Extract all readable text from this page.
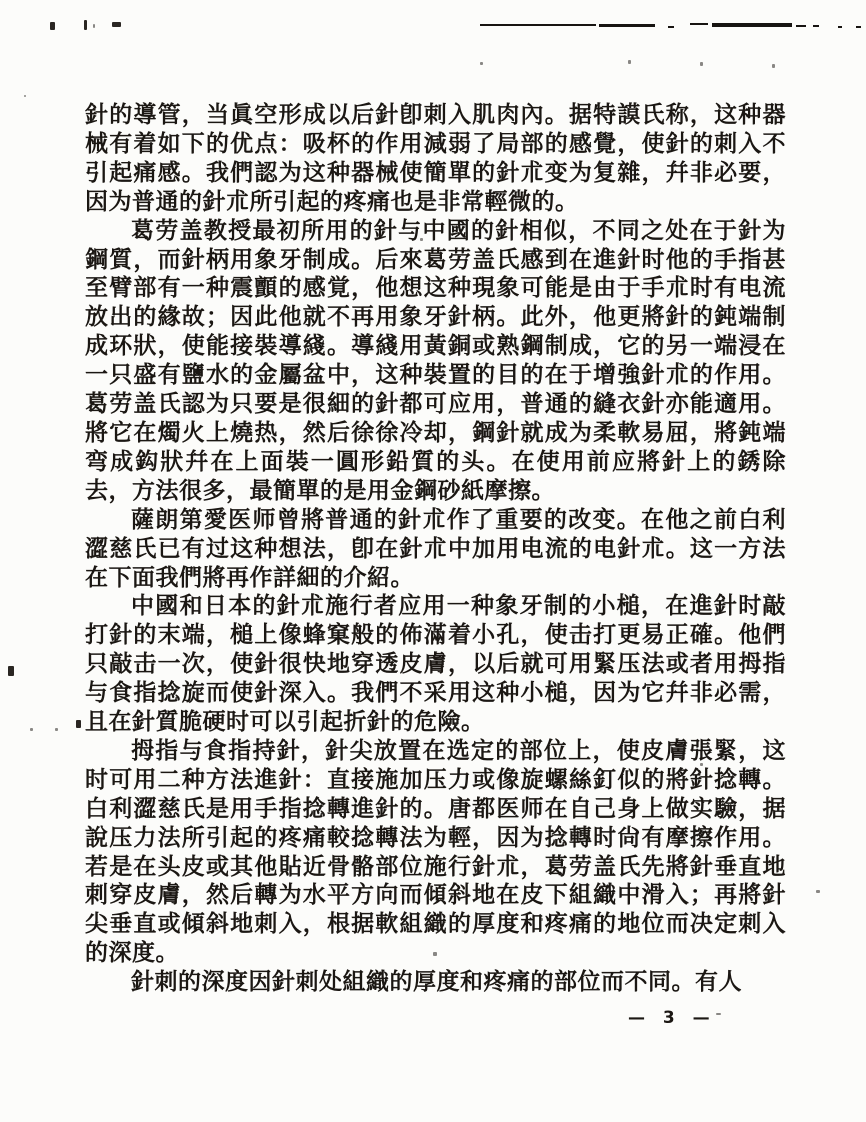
針的導管，当眞空形成以后針卽刺入肌肉內。据特謨氏称，这种器械有着如下的优点：吸杯的作用減弱了局部的感覺，使針的刺入不引起痛感。我們認为这种器械使簡單的針朮变为复雜，幷非必要，因为普通的針朮所引起的疼痛也是非常輕微的。

葛劳盖教授最初所用的針与中國的針相似，不同之处在于針为鋼質，而針柄用象牙制成。后來葛劳盖氏感到在進針时他的手指甚至臂部有一种震顫的感覚，他想这种現象可能是由于手朮时有电流放出的緣故；因此他就不再用象牙針柄。此外，他更將針的鈍端制成环狀，使能接裝導綫。導綫用黃銅或熟鋼制成，它的另一端浸在一只盛有鹽水的金屬盆中，这种裝置的目的在于增強針朮的作用。葛劳盖氏認为只要是很細的針都可应用，普通的縫衣針亦能適用。將它在燭火上燒热，然后徐徐冷却，鋼針就成为柔軟易屈，將鈍端弯成鈎狀幷在上面裝一圓形鉛質的头。在使用前应將針上的銹除去，方法很多，最簡單的是用金鋼砂紙摩擦。

薩朗第愛医师曾將普通的針朮作了重要的改变。在他之前白利澀慈氏已有过这种想法，卽在針朮中加用电流的电針朮。这一方法在下面我們將再作詳細的介紹。

中國和日本的針朮施行者应用一种象牙制的小槌，在進針时敲打針的末端，槌上像蜂窠般的佈滿着小孔，使击打更易正確。他們只敲击一次，使針很快地穿透皮膚，以后就可用緊压法或者用拇指与食指捻旋而使針深入。我們不采用这种小槌，因为它幷非必需，且在針質脆硬时可以引起折針的危險。

拇指与食指持針，針尖放置在选定的部位上，使皮膚張緊，这时可用二种方法進針：直接施加压力或像旋螺絲釘似的將針捻轉。白利澀慈氏是用手指捻轉進針的。唐都医师在自己身上做实驗，据說压力法所引起的疼痛較捻轉法为輕，因为捻轉时尙有摩擦作用。若是在头皮或其他貼近骨骼部位施行針朮，葛劳盖氏先將針垂直地刺穿皮膚，然后轉为水平方向而傾斜地在皮下組織中滑入；再將針尖垂直或傾斜地刺入，根据軟組織的厚度和疼痛的地位而决定刺入的深度。

針刺的深度因針刺处組織的厚度和疼痛的部位而不同。有人

— 3 —
